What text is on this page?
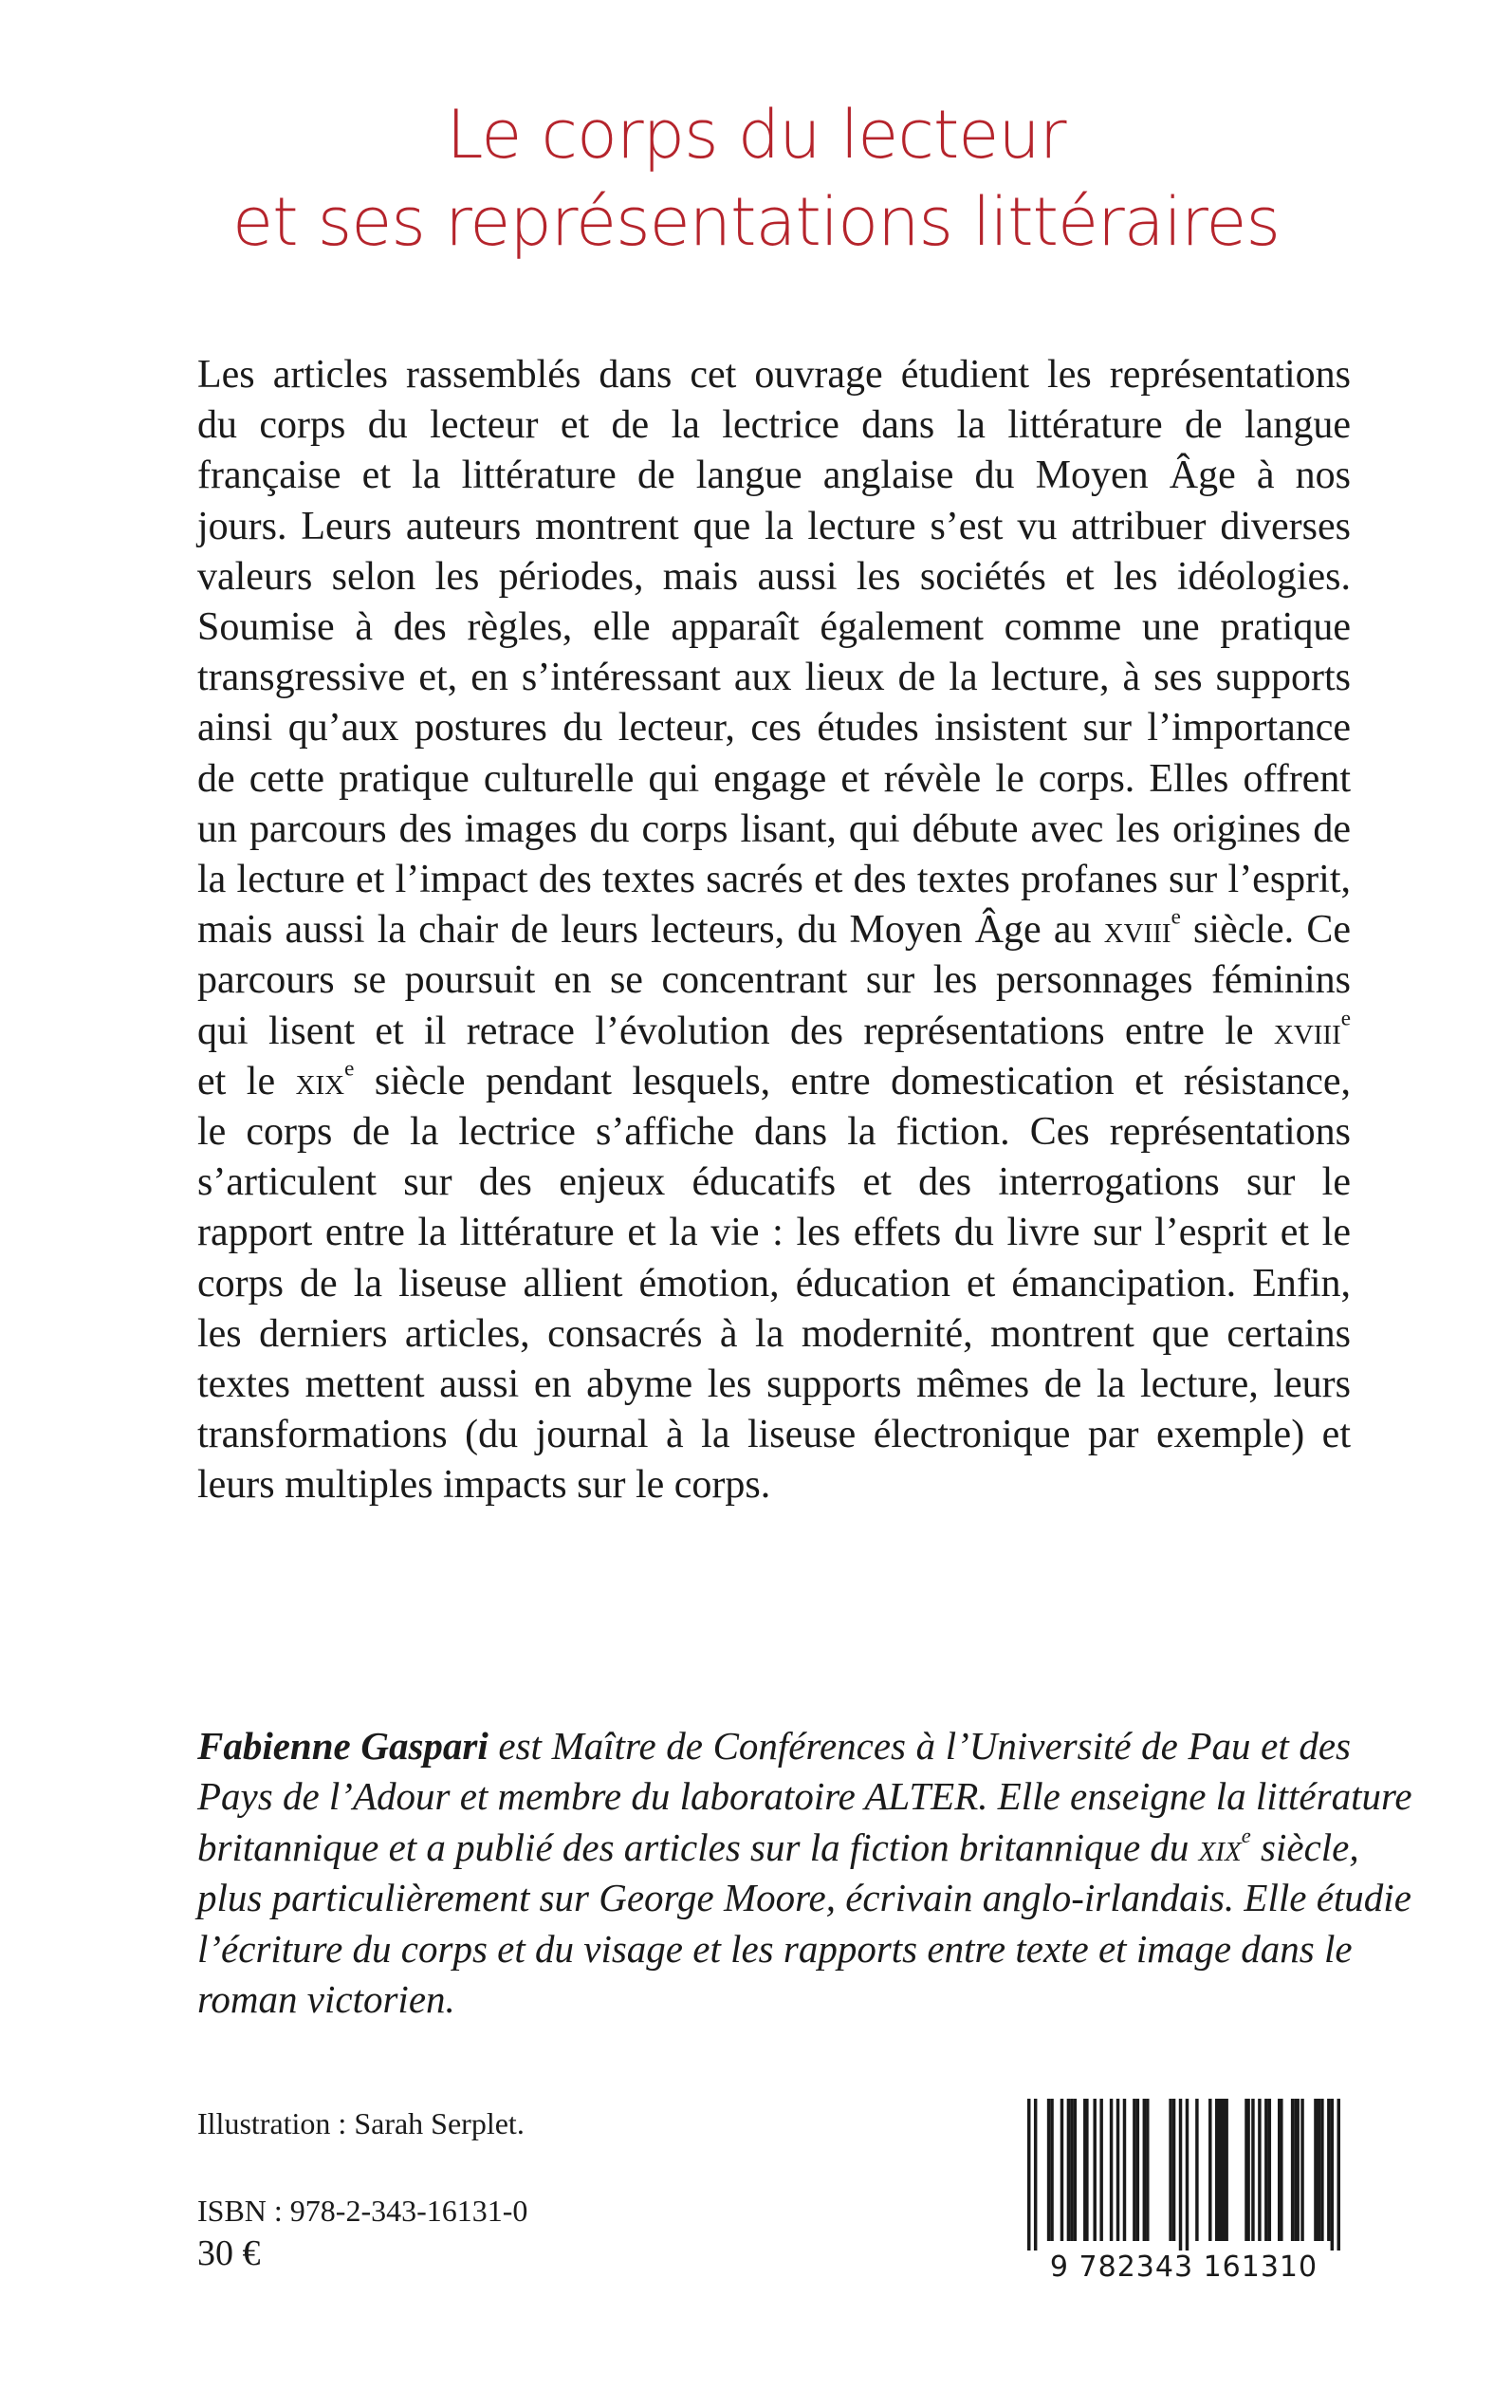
Le corps du lecteur
et ses représentations littéraires
Les articles rassemblés dans cet ouvrage étudient les représentations
du corps du lecteur et de la lectrice dans la littérature de langue
française et la littérature de langue anglaise du Moyen Âge à nos
jours. Leurs auteurs montrent que la lecture s’est vu attribuer diverses
valeurs selon les périodes, mais aussi les sociétés et les idéologies.
Soumise à des règles, elle apparaît également comme une pratique
transgressive et, en s’intéressant aux lieux de la lecture, à ses supports
ainsi qu’aux postures du lecteur, ces études insistent sur l’importance
de cette pratique culturelle qui engage et révèle le corps. Elles offrent
un parcours des images du corps lisant, qui débute avec les origines de
la lecture et l’impact des textes sacrés et des textes profanes sur l’esprit,
mais aussi la chair de leurs lecteurs, du Moyen Âge au xviii$^e$ siècle. Ce
parcours se poursuit en se concentrant sur les personnages féminins
qui lisent et il retrace l’évolution des représentations entre le xviii$^e$
et le xix$^e$ siècle pendant lesquels, entre domestication et résistance,
le corps de la lectrice s’affiche dans la fiction. Ces représentations
s’articulent sur des enjeux éducatifs et des interrogations sur le
rapport entre la littérature et la vie : les effets du livre sur l’esprit et le
corps de la liseuse allient émotion, éducation et émancipation. Enfin,
les derniers articles, consacrés à la modernité, montrent que certains
textes mettent aussi en abyme les supports mêmes de la lecture, leurs
transformations (du journal à la liseuse électronique par exemple) et
leurs multiples impacts sur le corps.
Fabienne Gaspari est Maître de Conférences à l’Université de Pau et des
Pays de l’Adour et membre du laboratoire ALTER. Elle enseigne la littérature
britannique et a publié des articles sur la fiction britannique du xix$^e$ siècle,
plus particulièrement sur George Moore, écrivain anglo-irlandais. Elle étudie
l’écriture du corps et du visage et les rapports entre texte et image dans le
roman victorien.
Illustration : Sarah Serplet.
ISBN : 978-2-343-16131-0
30 €	9 782343 161310
